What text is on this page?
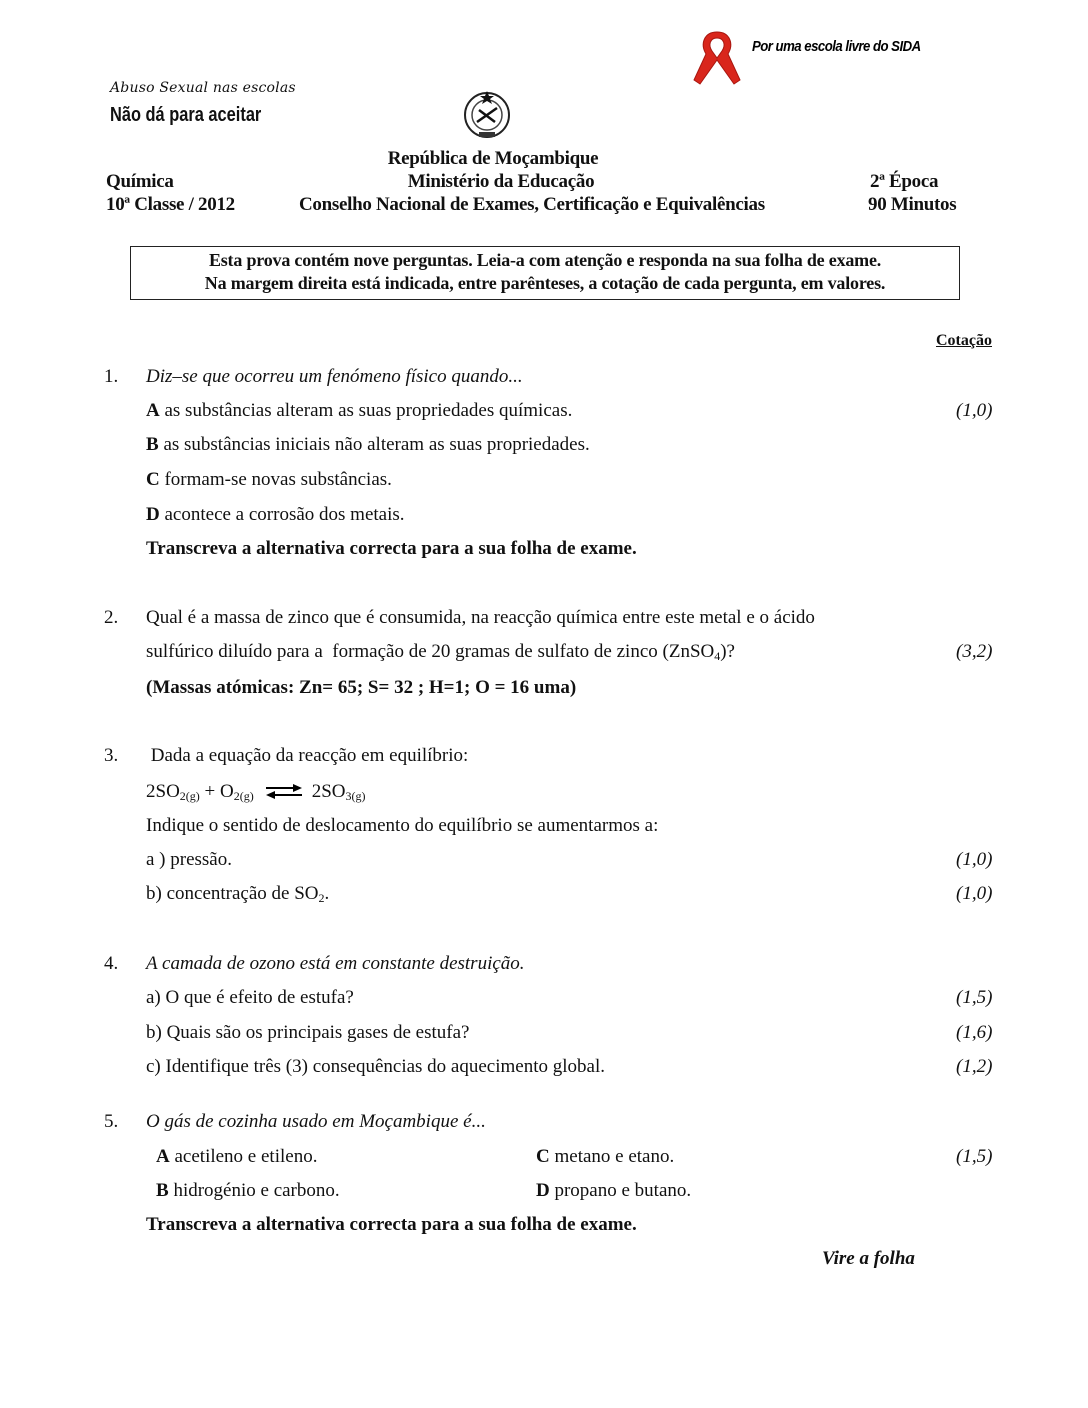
Por uma escola livre do SIDA
Abuso Sexual nas escolas
Não dá para aceitar
República de Moçambique
Química	Ministério da Educação	2ª Época
10ª Classe / 2012	Conselho Nacional de Exames, Certificação e Equivalências	90 Minutos
Esta prova contém nove perguntas. Leia-a com atenção e responda na sua folha de exame.
Na margem direita está indicada, entre parênteses, a cotação de cada pergunta, em valores.
Cotação
1. Diz–se que ocorreu um fenómeno físico quando...
A as substâncias alteram as suas propriedades químicas.	(1,0)
B as substâncias iniciais não alteram as suas propriedades.
C formam-se novas substâncias.
D acontece a corrosão dos metais.
Transcreva a alternativa correcta para a sua folha de exame.
2. Qual é a massa de zinco que é consumida, na reacção química entre este metal e o ácido
sulfúrico diluído para a  formação de 20 gramas de sulfato de zinco (ZnSO$_4$)?	(3,2)
(Massas atómicas: Zn= 65; S= 32 ; H=1; O = 16 uma)
3. Dada a equação da reacção em equilíbrio:
$2SO_{2(g)} + O_{2(g)}$ ⇌ $2SO_{3(g)}$
Indique o sentido de deslocamento do equilíbrio se aumentarmos a:
a ) pressão.	(1,0)
b) concentração de $SO_2$.	(1,0)
4. A camada de ozono está em constante destruição.
a) O que é efeito de estufa?	(1,5)
b) Quais são os principais gases de estufa?	(1,6)
c) Identifique três (3) consequências do aquecimento global.	(1,2)
5. O gás de cozinha usado em Moçambique é...
A acetileno e etileno.	C metano e etano.	(1,5)
B hidrogénio e carbono.	D propano e butano.
Transcreva a alternativa correcta para a sua folha de exame.
Vire a folha
